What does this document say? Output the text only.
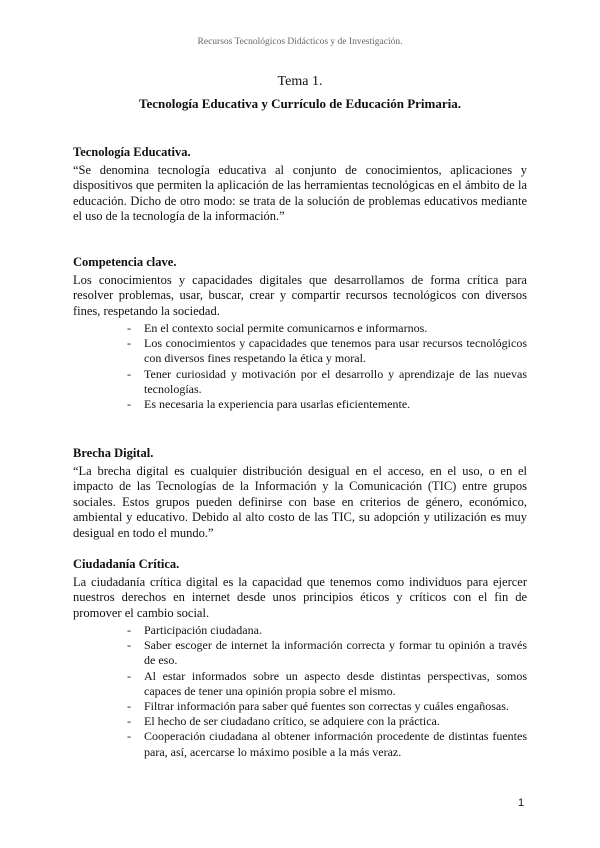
Recursos Tecnológicos Didácticos y de Investigación.
Tema 1.
Tecnología Educativa y Currículo de Educación Primaria.

Tecnología Educativa.

“Se denomina tecnología educativa al conjunto de conocimientos, aplicaciones y dispositivos que permiten la aplicación de las herramientas tecnológicas en el ámbito de la educación. Dicho de otro modo: se trata de la solución de problemas educativos mediante el uso de la tecnología de la información.”

Competencia clave.

Los conocimientos y capacidades digitales que desarrollamos de forma crítica para resolver problemas, usar, buscar, crear y compartir recursos tecnológicos con diversos fines, respetando la sociedad.

- En el contexto social permite comunicarnos e informarnos.
- Los conocimientos y capacidades que tenemos para usar recursos tecnológicos con diversos fines respetando la ética y moral.
- Tener curiosidad y motivación por el desarrollo y aprendizaje de las nuevas tecnologías.
- Es necesaria la experiencia para usarlas eficientemente.

Brecha Digital.

“La brecha digital es cualquier distribución desigual en el acceso, en el uso, o en el impacto de las Tecnologías de la Información y la Comunicación (TIC) entre grupos sociales. Estos grupos pueden definirse con base en criterios de género, económico, ambiental y educativo. Debido al alto costo de las TIC, su adopción y utilización es muy desigual en todo el mundo.”

Ciudadanía Crítica.

La ciudadanía crítica digital es la capacidad que tenemos como individuos para ejercer nuestros derechos en internet desde unos principios éticos y críticos con el fin de promover el cambio social.

- Participación ciudadana.
- Saber escoger de internet la información correcta y formar tu opinión a través de eso.
- Al estar informados sobre un aspecto desde distintas perspectivas, somos capaces de tener una opinión propia sobre el mismo.
- Filtrar información para saber qué fuentes son correctas y cuáles engañosas.
- El hecho de ser ciudadano crítico, se adquiere con la práctica.
- Cooperación ciudadana al obtener información procedente de distintas fuentes para, así, acercarse lo máximo posible a la más veraz.
1
